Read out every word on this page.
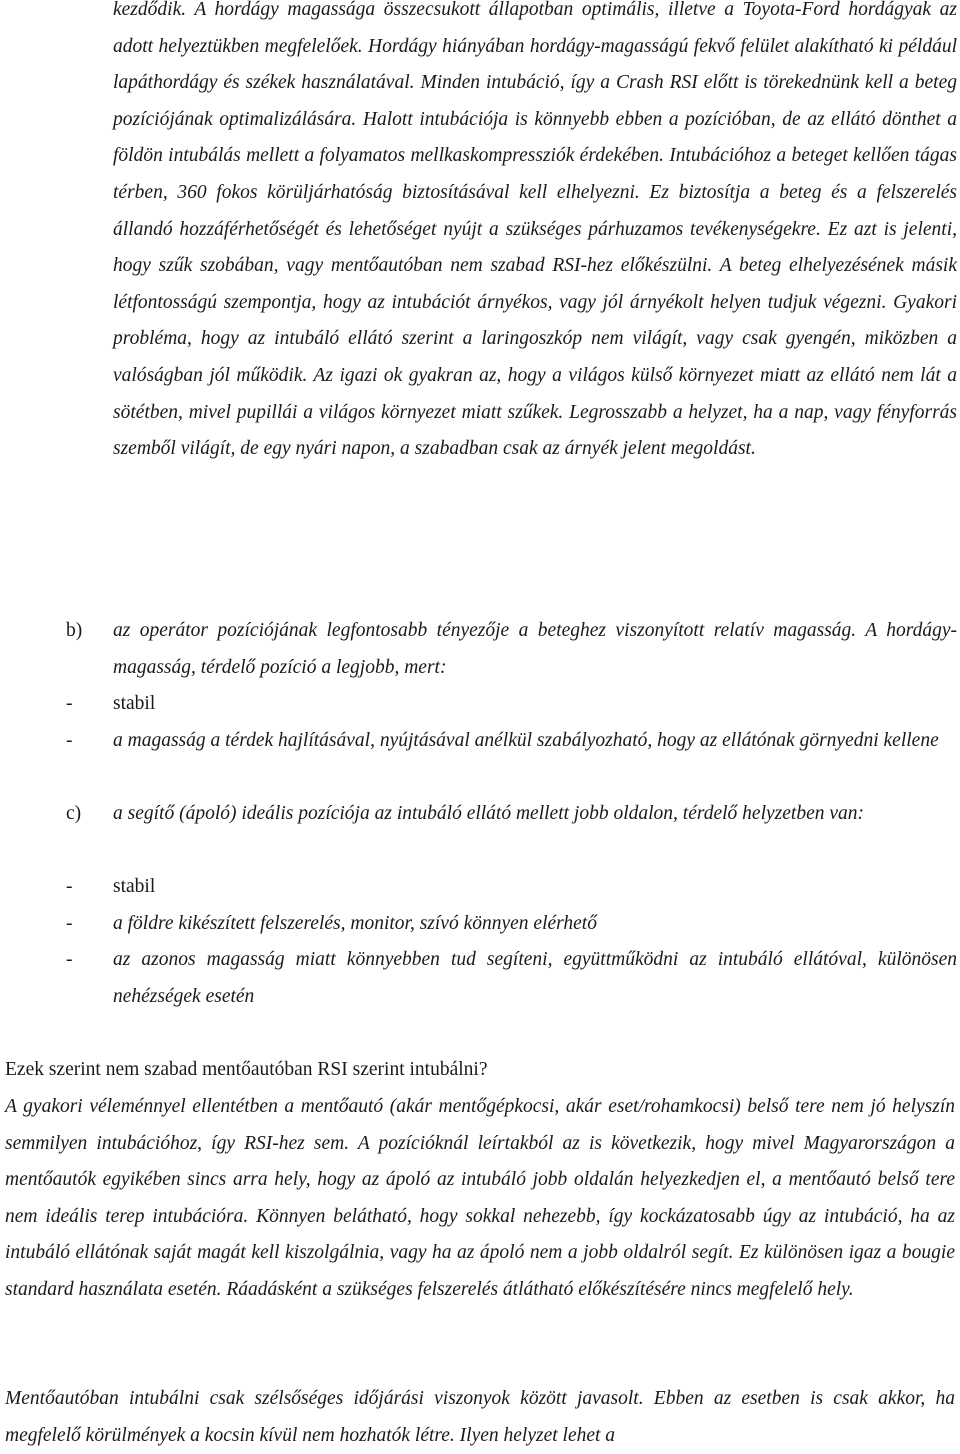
kezdődik. A hordágy magassága összecsukott állapotban optimális, illetve a Toyota-Ford hordágyak az adott helyeztükben megfelelőek. Hordágy hiányában hordágy-magasságú fekvő felület alakítható ki például lapáthordágy és székek használatával. Minden intubáció, így a Crash RSI előtt is törekednünk kell a beteg pozíciójának optimalizálására. Halott intubációja is könnyebb ebben a pozícióban, de az ellátó dönthet a földön intubálás mellett a folyamatos mellkaskompressziók érdekében. Intubációhoz a beteget kellően tágas térben, 360 fokos körüljárhatóság biztosításával kell elhelyezni. Ez biztosítja a beteg és a felszerelés állandó hozzáférhetőségét és lehetőséget nyújt a szükséges párhuzamos tevékenységekre. Ez azt is jelenti, hogy szűk szobában, vagy mentőautóban nem szabad RSI-hez előkészülni. A beteg elhelyezésének másik létfontosságú szempontja, hogy az intubációt árnyékos, vagy jól árnyékolt helyen tudjuk végezni. Gyakori probléma, hogy az intubáló ellátó szerint a laringoszkóp nem világít, vagy csak gyengén, miközben a valóságban jól működik. Az igazi ok gyakran az, hogy a világos külső környezet miatt az ellátó nem lát a sötétben, mivel pupillái a világos környezet miatt szűkek. Legrosszabb a helyzet, ha a nap, vagy fényforrás szemből világít, de egy nyári napon, a szabadban csak az árnyék jelent megoldást.

b) az operátor pozíciójának legfontosabb tényezője a beteghez viszonyított relatív magasság. A hordágy-magasság, térdelő pozíció a legjobb, mert:

- stabil

- a magasság a térdek hajlításával, nyújtásával anélkül szabályozható, hogy az ellátónak görnyedni kellene

c) a segítő (ápoló) ideális pozíciója az intubáló ellátó mellett jobb oldalon, térdelő helyzetben van:

- stabil

- a földre kikészített felszerelés, monitor, szívó könnyen elérhető

- az azonos magasság miatt könnyebben tud segíteni, együttműködni az intubáló ellátóval, különösen nehézségek esetén

Ezek szerint nem szabad mentőautóban RSI szerint intubálni?

A gyakori véleménnyel ellentétben a mentőautó (akár mentőgépkocsi, akár eset/rohamkocsi) belső tere nem jó helyszín semmilyen intubációhoz, így RSI-hez sem. A pozícióknál leírtakból az is következik, hogy mivel Magyarországon a mentőautók egyikében sincs arra hely, hogy az ápoló az intubáló jobb oldalán helyezkedjen el, a mentőautó belső tere nem ideális terep intubációra. Könnyen belátható, hogy sokkal nehezebb, így kockázatosabb úgy az intubáció, ha az intubáló ellátónak saját magát kell kiszolgálnia, vagy ha az ápoló nem a jobb oldalról segít. Ez különösen igaz a bougie standard használata esetén. Ráadásként a szükséges felszerelés átlátható előkészítésére nincs megfelelő hely.

Mentőautóban intubálni csak szélsőséges időjárási viszonyok között javasolt. Ebben az esetben is csak akkor, ha megfelelő körülmények a kocsin kívül nem hozhatók létre. Ilyen helyzet lehet a
